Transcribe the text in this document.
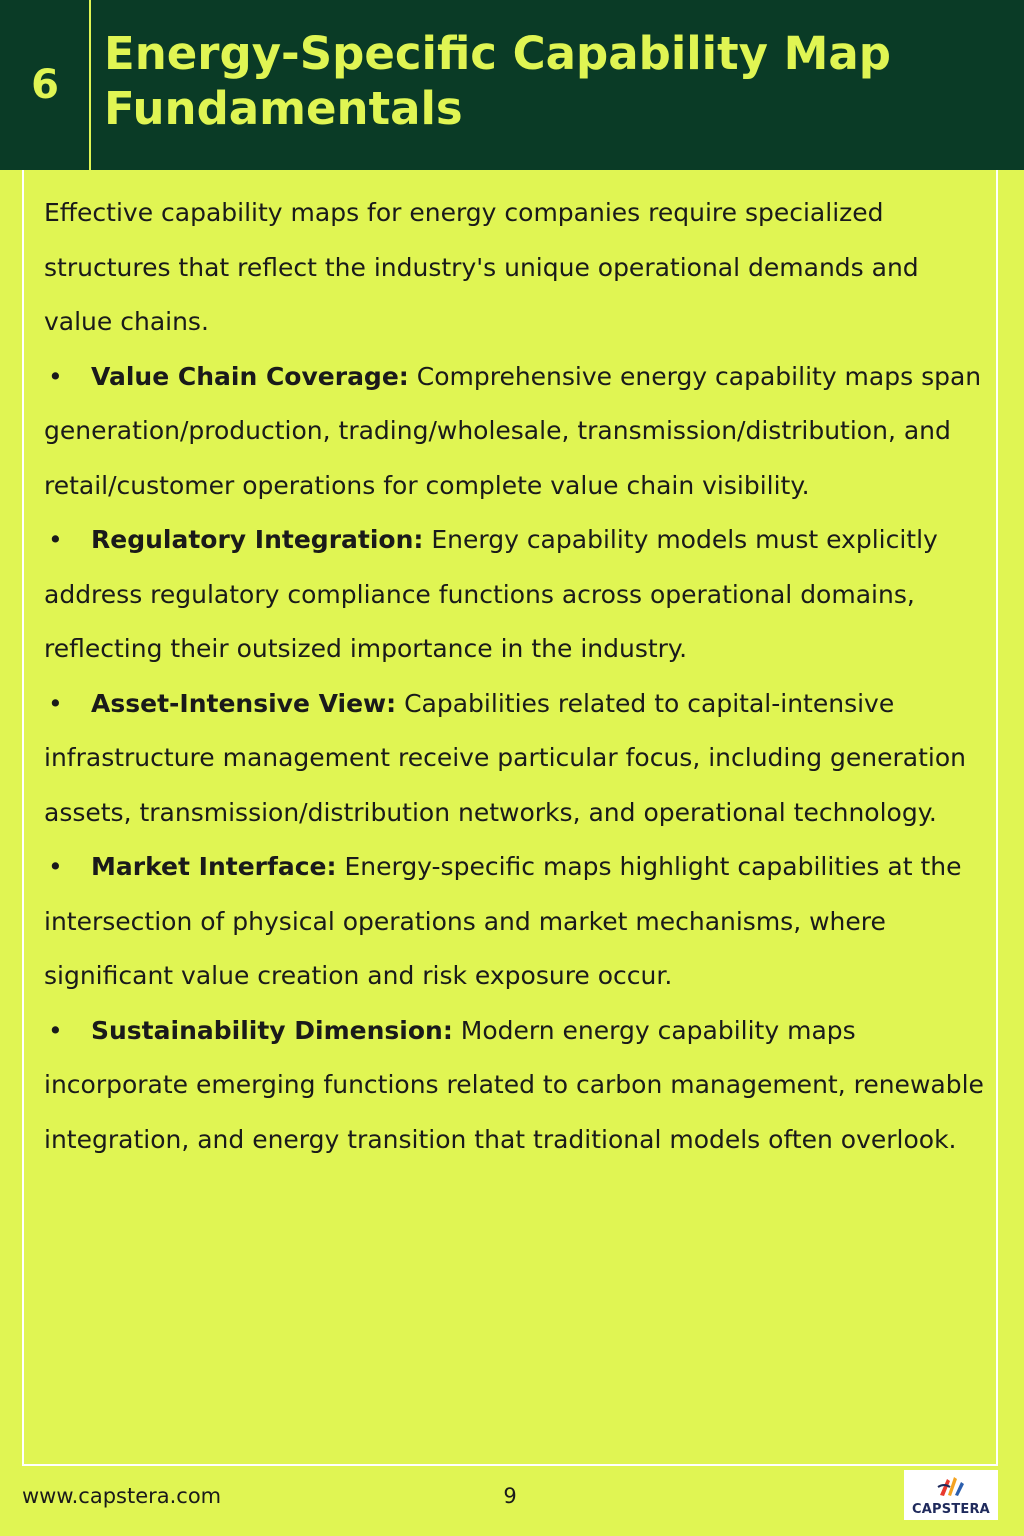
6
Energy-Specific Capability Map
Fundamentals

Effective capability maps for energy companies require specialized structures that reflect the industry's unique operational demands and value chains.

• Value Chain Coverage: Comprehensive energy capability maps span generation/production, trading/wholesale, transmission/distribution, and retail/customer operations for complete value chain visibility.
• Regulatory Integration: Energy capability models must explicitly address regulatory compliance functions across operational domains, reflecting their outsized importance in the industry.
• Asset-Intensive View: Capabilities related to capital-intensive infrastructure management receive particular focus, including generation assets, transmission/distribution networks, and operational technology.
• Market Interface: Energy-specific maps highlight capabilities at the intersection of physical operations and market mechanisms, where significant value creation and risk exposure occur.
• Sustainability Dimension: Modern energy capability maps incorporate emerging functions related to carbon management, renewable integration, and energy transition that traditional models often overlook.
www.capstera.com	9
CAPSTERA
